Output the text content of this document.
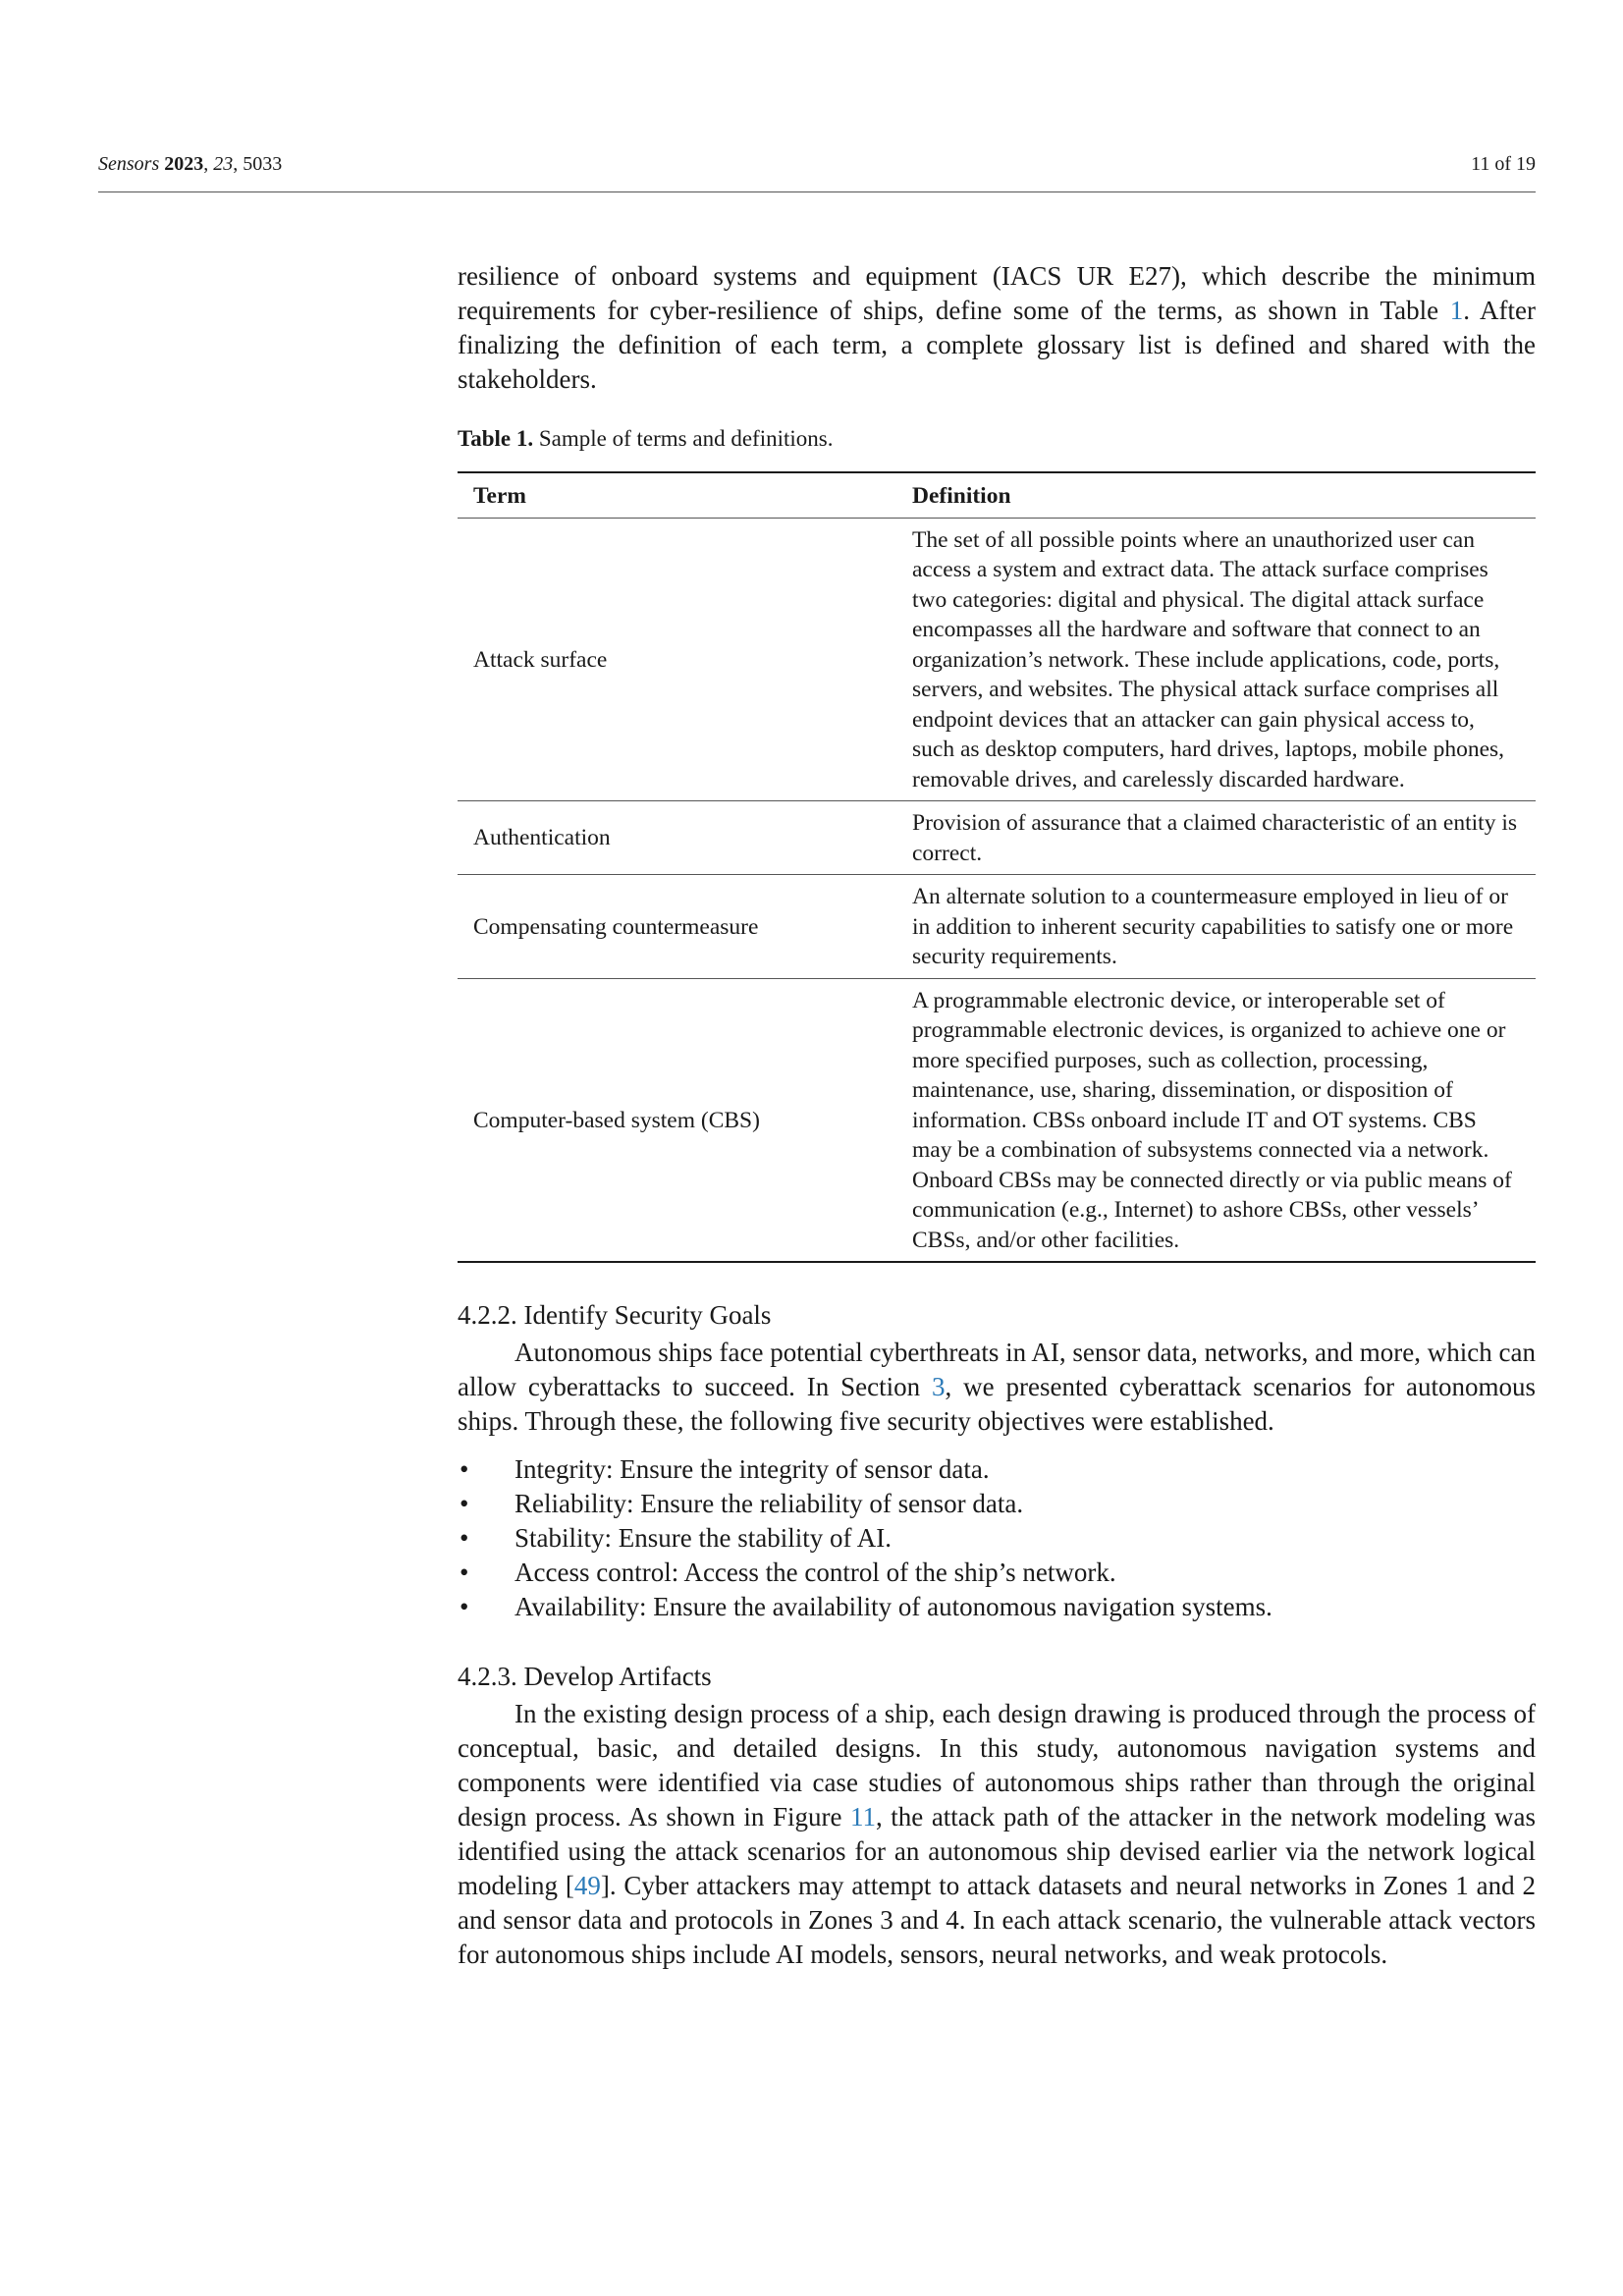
Sensors 2023, 23, 5033	11 of 19

resilience of onboard systems and equipment (IACS UR E27), which describe the minimum requirements for cyber-resilience of ships, define some of the terms, as shown in Table 1. After finalizing the definition of each term, a complete glossary list is defined and shared with the stakeholders.

Table 1. Sample of terms and definitions.
Term	Definition
Attack surface	The set of all possible points where an unauthorized user can access a system and extract data. The attack surface comprises two categories: digital and physical. The digital attack surface encompasses all the hardware and software that connect to an organization’s network. These include applications, code, ports, servers, and websites. The physical attack surface comprises all endpoint devices that an attacker can gain physical access to, such as desktop computers, hard drives, laptops, mobile phones, removable drives, and carelessly discarded hardware.
Authentication	Provision of assurance that a claimed characteristic of an entity is correct.
Compensating countermeasure	An alternate solution to a countermeasure employed in lieu of or in addition to inherent security capabilities to satisfy one or more security requirements.
Computer-based system (CBS)	A programmable electronic device, or interoperable set of programmable electronic devices, is organized to achieve one or more specified purposes, such as collection, processing, maintenance, use, sharing, dissemination, or disposition of information. CBSs onboard include IT and OT systems. CBS may be a combination of subsystems connected via a network. Onboard CBSs may be connected directly or via public means of communication (e.g., Internet) to ashore CBSs, other vessels’ CBSs, and/or other facilities.
4.2.2. Identify Security Goals

Autonomous ships face potential cyberthreats in AI, sensor data, networks, and more, which can allow cyberattacks to succeed. In Section 3, we presented cyberattack scenarios for autonomous ships. Through these, the following five security objectives were established.

• Integrity: Ensure the integrity of sensor data.
• Reliability: Ensure the reliability of sensor data.
• Stability: Ensure the stability of AI.
• Access control: Access the control of the ship’s network.
• Availability: Ensure the availability of autonomous navigation systems.
4.2.3. Develop Artifacts

In the existing design process of a ship, each design drawing is produced through the process of conceptual, basic, and detailed designs. In this study, autonomous navigation systems and components were identified via case studies of autonomous ships rather than through the original design process. As shown in Figure 11, the attack path of the attacker in the network modeling was identified using the attack scenarios for an autonomous ship devised earlier via the network logical modeling [49]. Cyber attackers may attempt to attack datasets and neural networks in Zones 1 and 2 and sensor data and protocols in Zones 3 and 4. In each attack scenario, the vulnerable attack vectors for autonomous ships include AI models, sensors, neural networks, and weak protocols.
